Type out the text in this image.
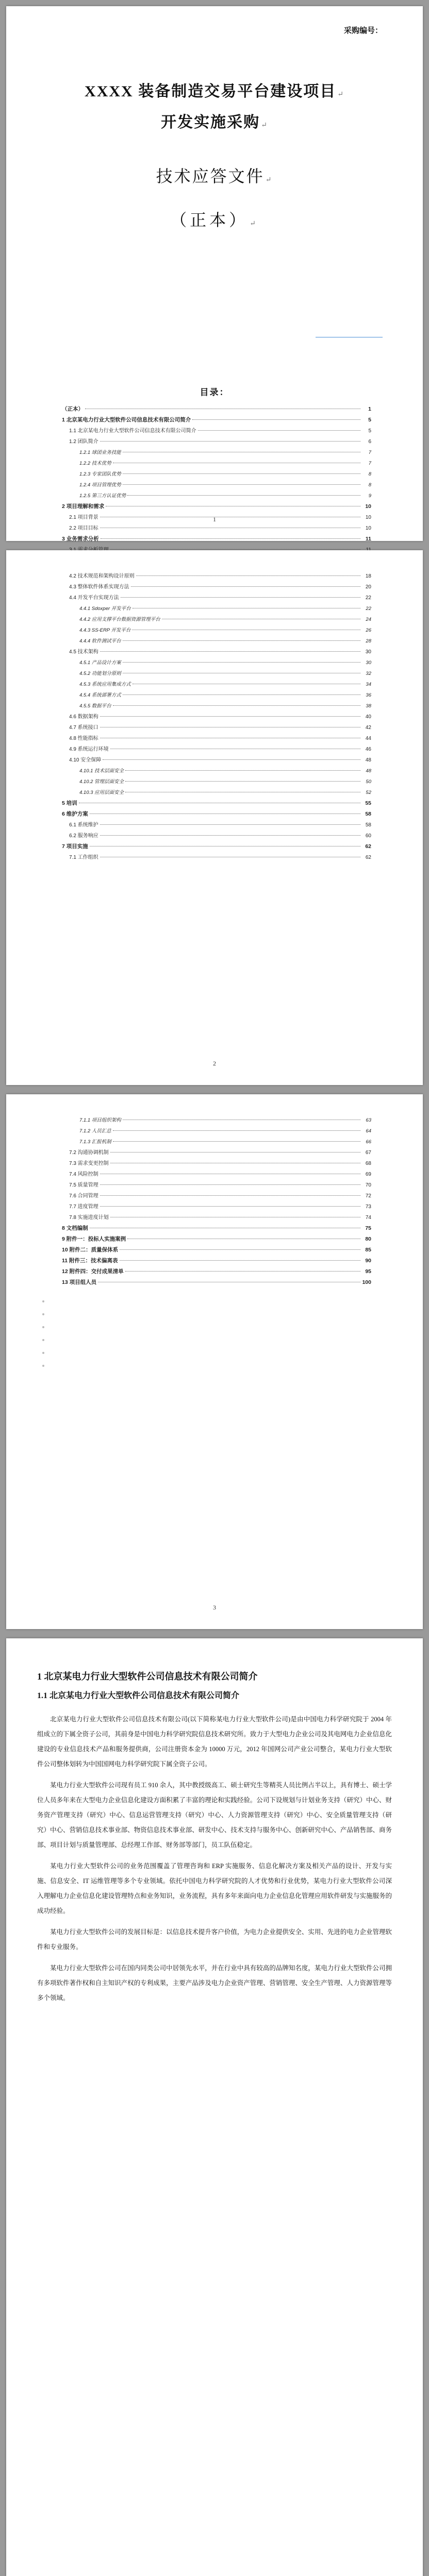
采购编号：
XXXX 装备制造交易平台建设项目 ↵
开发实施采购 ↵
技术应答文件 ↵
（正本） ↵
目录：
（正本）	1
1 北京某电力行业大型软件公司信息技术有限公司简介	5
1.1 北京某电力行业大型软件公司信息技术有限公司简介	5
1.2 团队简介	6
1.2.1 球团业务技能	7
1.2.2 技术优势	7
1.2.3 专家团队优势	8
1.2.4 项目管理优势	8
1.2.5 第三方认证优势	9
2 项目理解和需求	10
2.1 项目背景	10
2.2 项目目标	10
3 业务需求分析	11
1
4.2 技术规范和架构设计原则	18
4.3 整体软件体系实现方法	20
4.4 开发平台实现方法	22
4.4.1 Sdoxper 开发平台	22
4.4.2 应用支撑平台数据资源管理平台	24
4.4.3 SS-ERP 开发平台	26
4.4.4 软件测试平台	28
4.5 技术架构	30
4.5.1 产品设计方案	30
4.5.2 功能划分原则	32
4.5.3 系统应用集成方式	34
4.5.4 系统部署方式	36
4.5.5 数据平台	38
4.6 数据架构	40
4.7 系统接口	42
4.8 性能指标	44
4.9 系统运行环境	46
4.10 安全保障	48
4.10.1 技术层面安全	48
4.10.2 管理层面安全	50
4.10.3 应用层面安全	52
5 培训	55
6 维护方案	58
6.1 系统维护	58
6.2 服务响应	60
7 项目实施	62
7.1 工作组织	62
2
7.1.1 项目组织架构	63
7.1.2 人员汇总	64
7.1.3 汇报机制	66
7.2 沟通协调机制	67
7.3 需求变更控制	68
7.4 风险控制	69
7.5 质量管理	70
7.6 合同管理	72
7.7 进度管理	73
7.8 实施进度计划	74
8 文档编制	75
9 附件一：投标人实施案例	80
10 附件二：质量保体系	85
11 附件三：技术偏离表	90
12 附件四：交付成果清单	95
13 项目组人员	100
3
1 北京某电力行业大型软件公司信息技术有限公司简介
1.1 北京某电力行业大型软件公司信息技术有限公司简介

北京某电力行业大型软件公司信息技术有限公司(以下简称某电力行业大型软件公司)是由中国电力科学研究院于 2004 年组成立的下属全资子公司，其前身是中国电力科学研究院信息技术研究所。致力于大型电力企业公司及其电网电力企业信息化建设的专业信息技术产品和服务提供商，公司注册资本金为 10000 万元，2012 年国网公司产业公司整合，某电力行业大型软件公司整体划转为中国国网电力科学研究院下属全资子公司。

某电力行业大型软件公司现有员工 910 余人，其中教授级高工、硕士研究生等精英人员比例占半以上，具有博士、硕士学位人员多年来在大型电力企业信息化建设方面积累了丰富的理论和实践经验。公司下设规划与计划业务支持（研究）中心、财务资产管理支持（研究）中心、信息运营管理支持（研究）中心、人力资源管理支持（研究）中心、安全质量管理支持（研究）中心、营销信息技术事业部、物资信息技术事业部、研发中心、技术支持与服务中心、创新研究中心、产品销售部、商务部、项目计划与质量管理部、总经理工作部、财务部等部门，员工队伍稳定。

某电力行业大型软件公司的业务范围覆盖了管理咨询和 ERP 实施服务、信息化解决方案及相关产品的设计、开发与实施、信息安全、IT 运维管理等多个专业领域。依托中国电力科学研究院的人才优势和行业优势，某电力行业大型软件公司深入理解电力企业信息化建设管理特点和业务知识，业务流程，具有多年来面向电力企业信息化管理应用软件研发与实施服务的成功经验。

某电力行业大型软件公司的发展目标是：以信息技术提升客户价值，为电力企业提供安全、实用、先进的电力企业管理软件和专业服务。

某电力行业大型软件公司在国内同类公司中居领先水平，并在行业中具有较高的品牌知名度，某电力行业大型软件公司拥有多项软件著作权和自主知识产权的专利成果，主要产品涉及电力企业资产管理、营销管理、安全生产管理、人力资源管理等多个领域。
